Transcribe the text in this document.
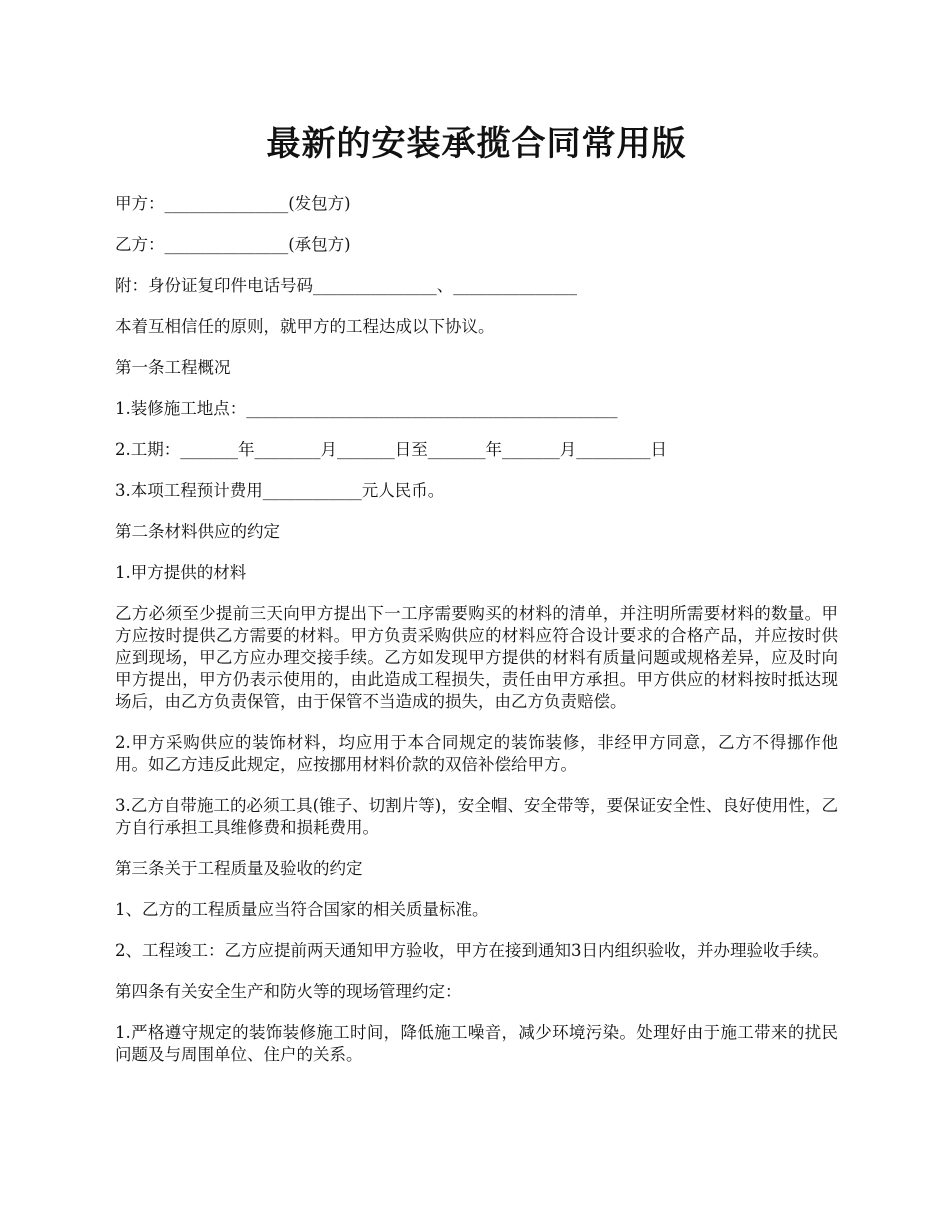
最新的安装承揽合同常用版

甲方：_______________(发包方)

乙方：_______________(承包方)

附：身份证复印件电话号码_______________、_______________

本着互相信任的原则，就甲方的工程达成以下协议。

第一条工程概况

1.装修施工地点：_____________________________________________

2.工期：_______年________月_______日至_______年_______月_________日

3.本项工程预计费用____________元人民币。

第二条材料供应的约定

1.甲方提供的材料

乙方必须至少提前三天向甲方提出下一工序需要购买的材料的清单，并注明所需要材料的数量。甲方应按时提供乙方需要的材料。甲方负责采购供应的材料应符合设计要求的合格产品，并应按时供应到现场，甲乙方应办理交接手续。乙方如发现甲方提供的材料有质量问题或规格差异，应及时向甲方提出，甲方仍表示使用的，由此造成工程损失，责任由甲方承担。甲方供应的材料按时抵达现场后，由乙方负责保管，由于保管不当造成的损失，由乙方负责赔偿。

2.甲方采购供应的装饰材料，均应用于本合同规定的装饰装修，非经甲方同意，乙方不得挪作他用。如乙方违反此规定，应按挪用材料价款的双倍补偿给甲方。

3.乙方自带施工的必须工具(锥子、切割片等)，安全帽、安全带等，要保证安全性、良好使用性，乙方自行承担工具维修费和损耗费用。

第三条关于工程质量及验收的约定

1、乙方的工程质量应当符合国家的相关质量标准。

2、工程竣工：乙方应提前两天通知甲方验收，甲方在接到通知3日内组织验收，并办理验收手续。

第四条有关安全生产和防火等的现场管理约定：

1.严格遵守规定的装饰装修施工时间，降低施工噪音，减少环境污染。处理好由于施工带来的扰民问题及与周围单位、住户的关系。
